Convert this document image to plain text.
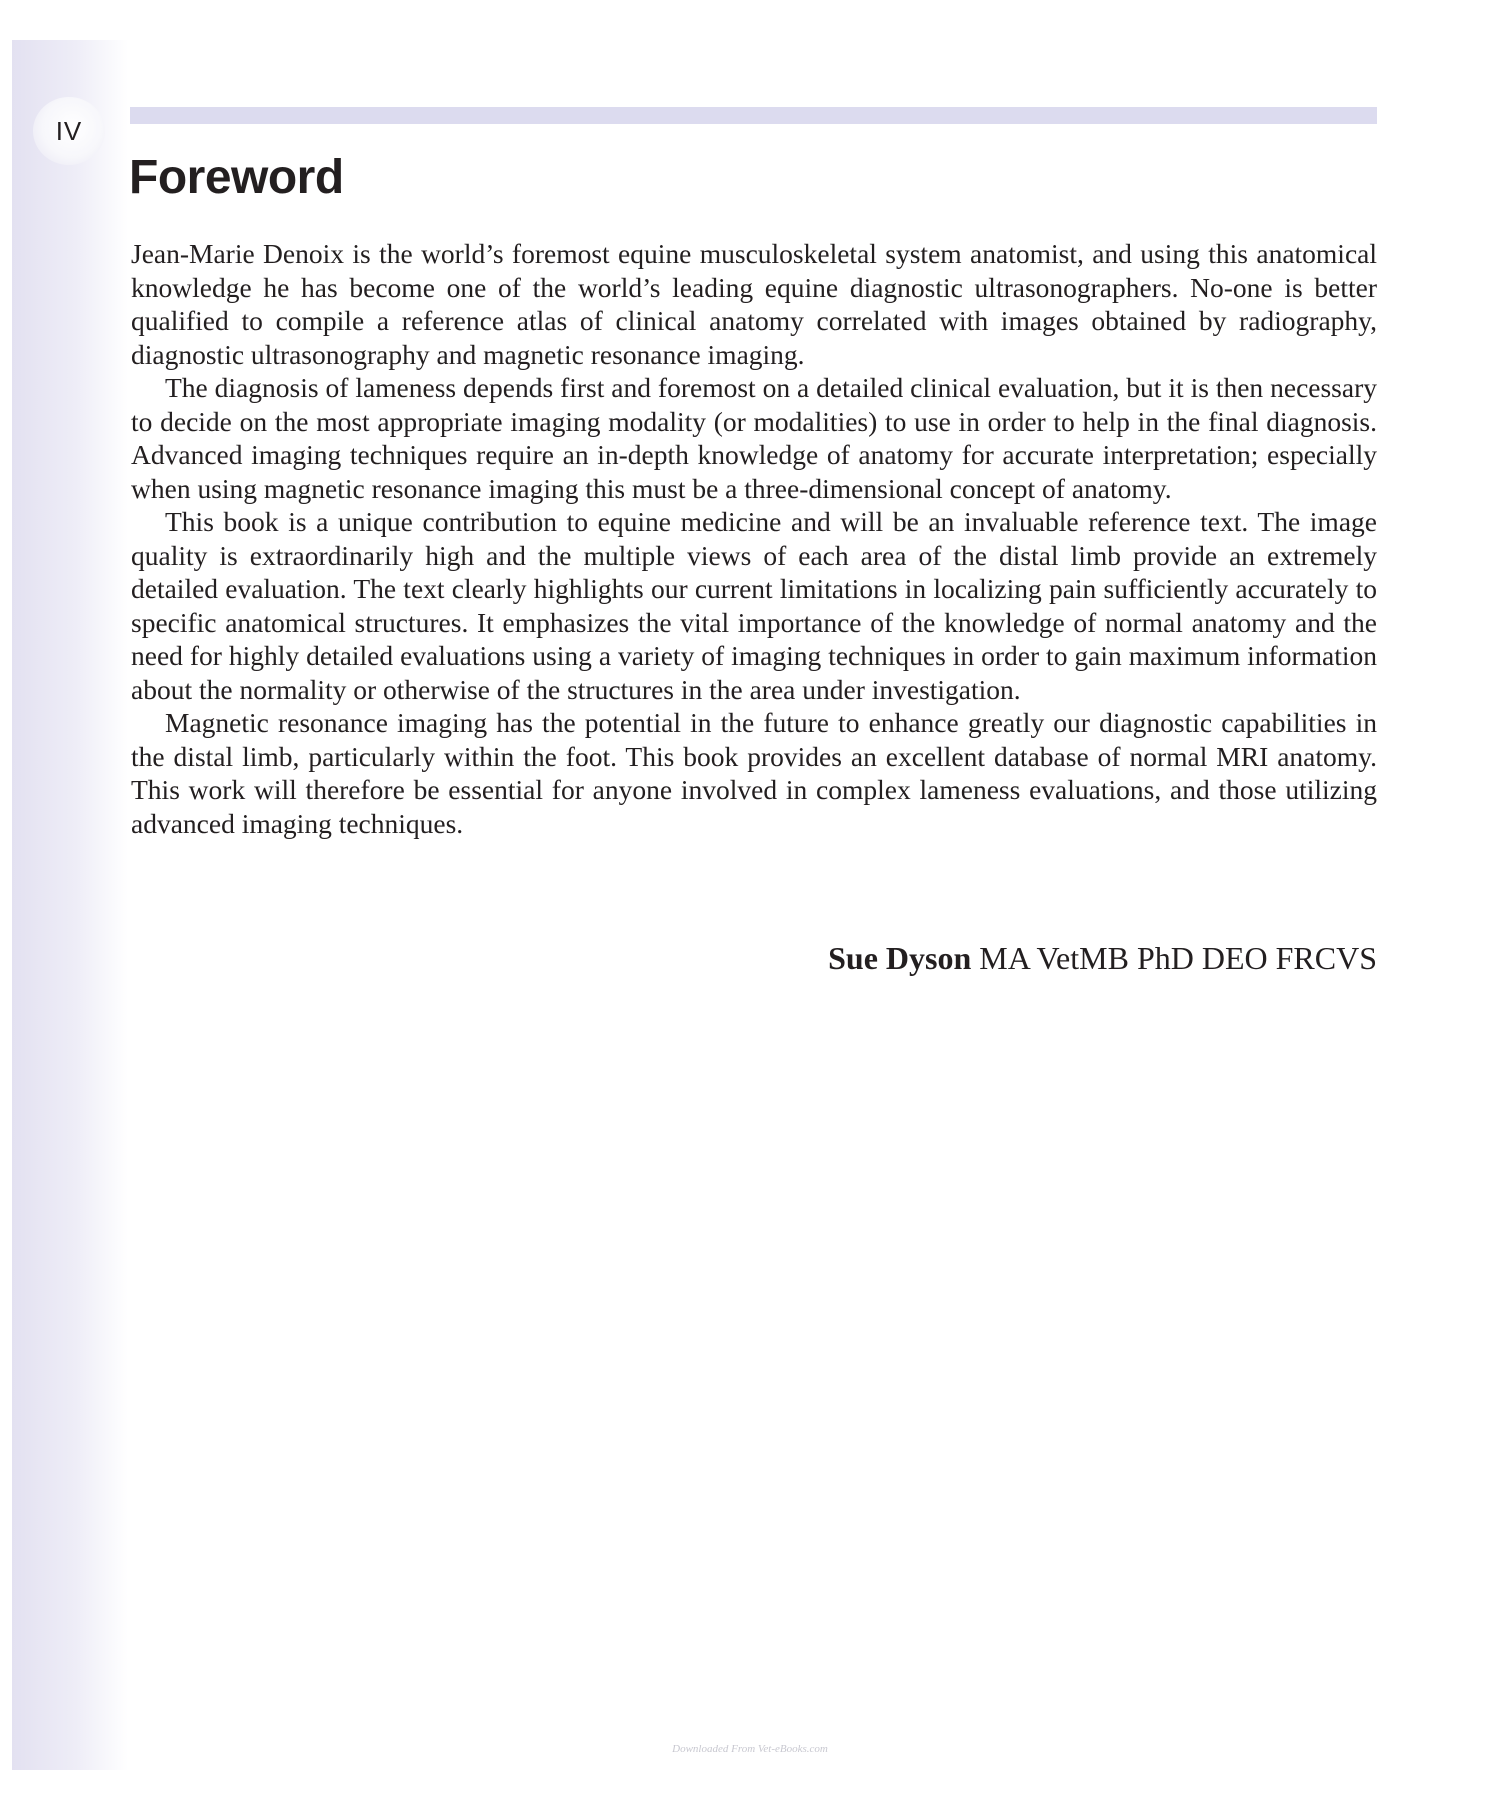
IV
Foreword

Jean-Marie Denoix is the world’s foremost equine musculoskeletal system anatomist, and using this anatomical knowledge he has become one of the world’s leading equine diagnostic ultrasonographers. No-one is better qualified to compile a reference atlas of clinical anatomy correlated with images obtained by radiography, diagnostic ultrasonography and magnetic resonance imaging.

The diagnosis of lameness depends first and foremost on a detailed clinical evaluation, but it is then necessary to decide on the most appropriate imaging modality (or modalities) to use in order to help in the final diagnosis. Advanced imaging techniques require an in-depth knowledge of anatomy for accurate interpretation; especially when using magnetic resonance imaging this must be a three-dimensional concept of anatomy.

This book is a unique contribution to equine medicine and will be an invaluable reference text. The image quality is extraordinarily high and the multiple views of each area of the distal limb provide an extremely detailed evaluation. The text clearly highlights our current limitations in localizing pain sufficiently accurately to specific anatomical structures. It emphasizes the vital importance of the knowledge of normal anatomy and the need for highly detailed evaluations using a variety of imaging techniques in order to gain maximum information about the normality or otherwise of the structures in the area under investigation.

Magnetic resonance imaging has the potential in the future to enhance greatly our diagnostic capabilities in the distal limb, particularly within the foot. This book provides an excellent database of normal MRI anatomy. This work will therefore be essential for anyone involved in complex lameness evaluations, and those utilizing advanced imaging techniques.

Sue Dyson MA VetMB PhD DEO FRCVS
Downloaded From Vet-eBooks.com
